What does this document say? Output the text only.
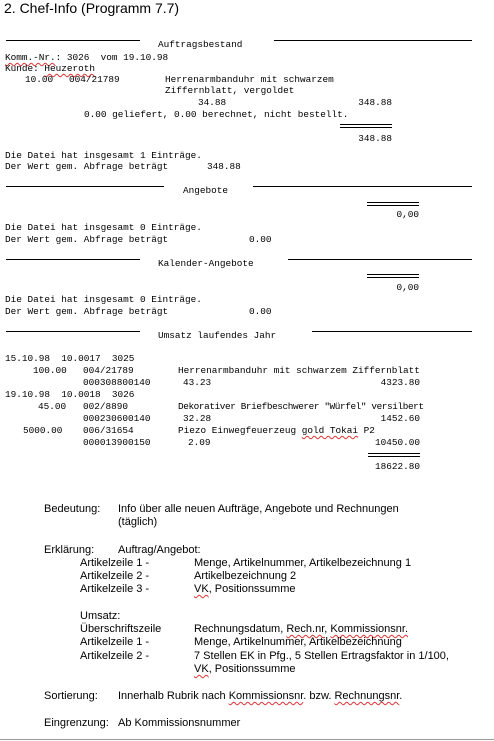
2. Chef-Info (Programm 7.7)
Auftragsbestand
Komm.-Nr.: 3026  vom 19.10.98
Kunde: Heuzeroth
10.00 004/21789	Herrenarmbanduhr mit schwarzem
Ziffernblatt, vergoldet
34.88	348.88
0.00 geliefert, 0.00 berechnet, nicht bestellt.
348.88
Die Datei hat insgesamt 1 Einträge.
Der Wert gem. Abfrage beträgt	348.88
Angebote
0,00
Die Datei hat insgesamt 0 Einträge.
Der Wert gem. Abfrage beträgt	0.00
Kalender-Angebote
0,00
Die Datei hat insgesamt 0 Einträge.
Der Wert gem. Abfrage beträgt	0.00
Umsatz laufendes Jahr
15.10.98  10.0017  3025
100.00 004/21789	Herrenarmbanduhr mit schwarzem Ziffernblatt
000308800140	43.23	4323.80
19.10.98  10.0018  3026
45.00 002/8890	Dekorativer Briefbeschwerer "Würfel" versilbert
000230600140	32.28	1452.60
5000.00 006/31654	Piezo Einwegfeuerzeug gold Tokai P2
000013900150	2.09	10450.00
18622.80
Bedeutung: Info über alle neuen Aufträge, Angebote und Rechnungen
(täglich)
Erklärung: Auftrag/Angebot:
Artikelzeile 1 -	Menge, Artikelnummer, Artikelbezeichnung 1
Artikelzeile 2 -	Artikelbezeichnung 2
Artikelzeile 3 -	VK, Positionssumme
Umsatz:
Überschriftszeile	Rechnungsdatum, Rech.nr, Kommissionsnr.
Artikelzeile 1 -	Menge, Artikelnummer, Artikelbezeichnung
Artikelzeile 2 -	7 Stellen EK in Pfg., 5 Stellen Ertragsfaktor in 1/100,
VK, Positionssumme
Sortierung: Innerhalb Rubrik nach Kommissionsnr. bzw. Rechnungsnr.
Eingrenzung: Ab Kommissionsnummer
